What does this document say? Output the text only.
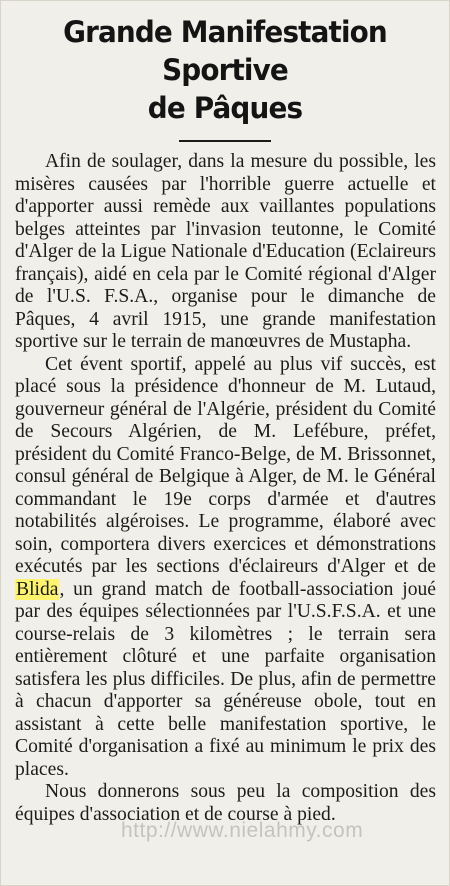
Grande Manifestation Sportive
de Pâques

Afin de soulager, dans la mesure du possible, les misères causées par l'horrible guerre actuelle et d'apporter aussi remède aux vaillantes populations belges atteintes par l'invasion teutonne, le Comité d'Alger de la Ligue Nationale d'Education (Eclaireurs français), aidé en cela par le Comité régional d'Alger de l'U.S. F.S.A., organise pour le dimanche de Pâques, 4 avril 1915, une grande manifestation sportive sur le terrain de manœuvres de Mustapha.

Cet évent sportif, appelé au plus vif succès, est placé sous la présidence d'honneur de M. Lutaud, gouverneur général de l'Algérie, président du Comité de Secours Algérien, de M. Lefébure, préfet, président du Comité Franco-Belge, de M. Brissonnet, consul général de Belgique à Alger, de M. le Général commandant le 19e corps d'armée et d'autres notabilités algéroises. Le programme, élaboré avec soin, comportera divers exercices et démonstrations exécutés par les sections d'éclaireurs d'Alger et de Blida, un grand match de football-association joué par des équipes sélectionnées par l'U.S.F.S.A. et une course-relais de 3 kilomètres ; le terrain sera entièrement clôturé et une parfaite organisation satisfera les plus difficiles. De plus, afin de permettre à chacun d'apporter sa généreuse obole, tout en assistant à cette belle manifestation sportive, le Comité d'organisation a fixé au minimum le prix des places.

Nous donnerons sous peu la composition des équipes d'association et de course à pied.

http://www.nielahmy.com
